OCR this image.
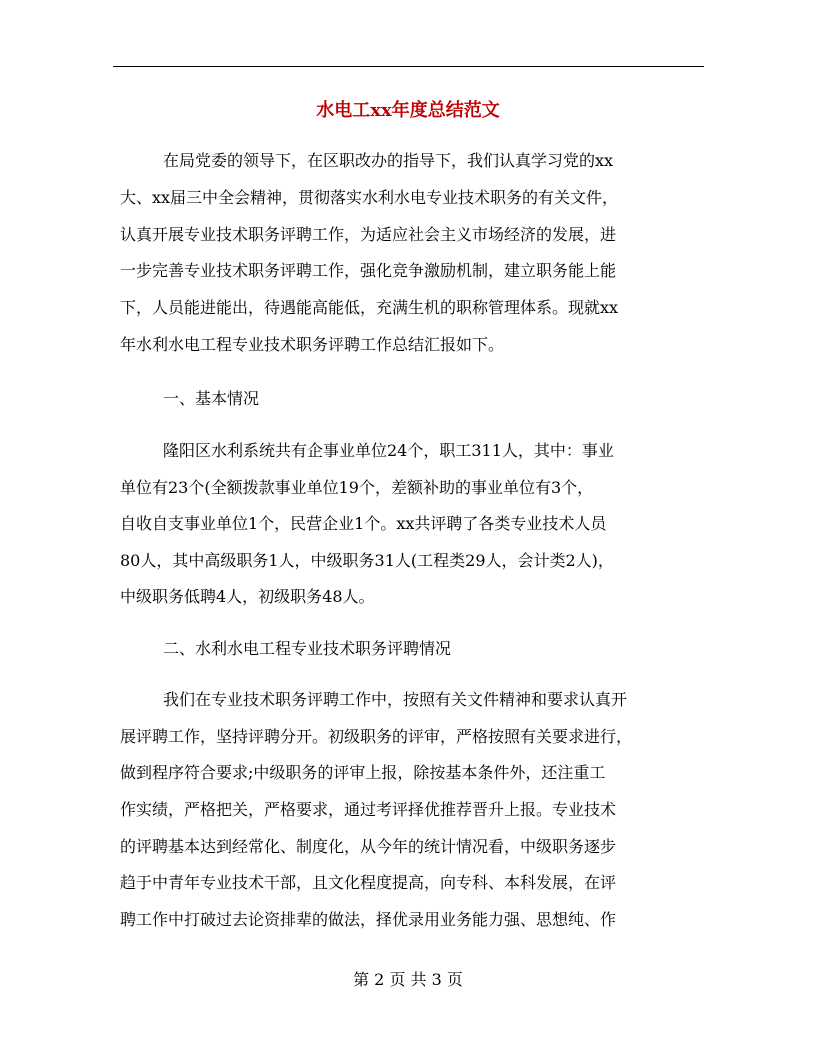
水电工xx年度总结范文
在局党委的领导下，在区职改办的指导下，我们认真学习党的xx
大、xx届三中全会精神，贯彻落实水利水电专业技术职务的有关文件，
认真开展专业技术职务评聘工作，为适应社会主义市场经济的发展，进
一步完善专业技术职务评聘工作，强化竞争激励机制，建立职务能上能
下，人员能进能出，待遇能高能低，充满生机的职称管理体系。现就xx
年水利水电工程专业技术职务评聘工作总结汇报如下。
一、基本情况
隆阳区水利系统共有企事业单位24个，职工311人，其中：事业
单位有23个(全额拨款事业单位19个，差额补助的事业单位有3个，
自收自支事业单位1个，民营企业1个。xx共评聘了各类专业技术人员
80人，其中高级职务1人，中级职务31人(工程类29人，会计类2人)，
中级职务低聘4人，初级职务48人。
二、水利水电工程专业技术职务评聘情况
我们在专业技术职务评聘工作中，按照有关文件精神和要求认真开
展评聘工作，坚持评聘分开。初级职务的评审，严格按照有关要求进行，
做到程序符合要求;中级职务的评审上报，除按基本条件外，还注重工
作实绩，严格把关，严格要求，通过考评择优推荐晋升上报。专业技术
的评聘基本达到经常化、制度化，从今年的统计情况看，中级职务逐步
趋于中青年专业技术干部，且文化程度提高，向专科、本科发展，在评
聘工作中打破过去论资排辈的做法，择优录用业务能力强、思想纯、作
第 2 页 共 3 页
